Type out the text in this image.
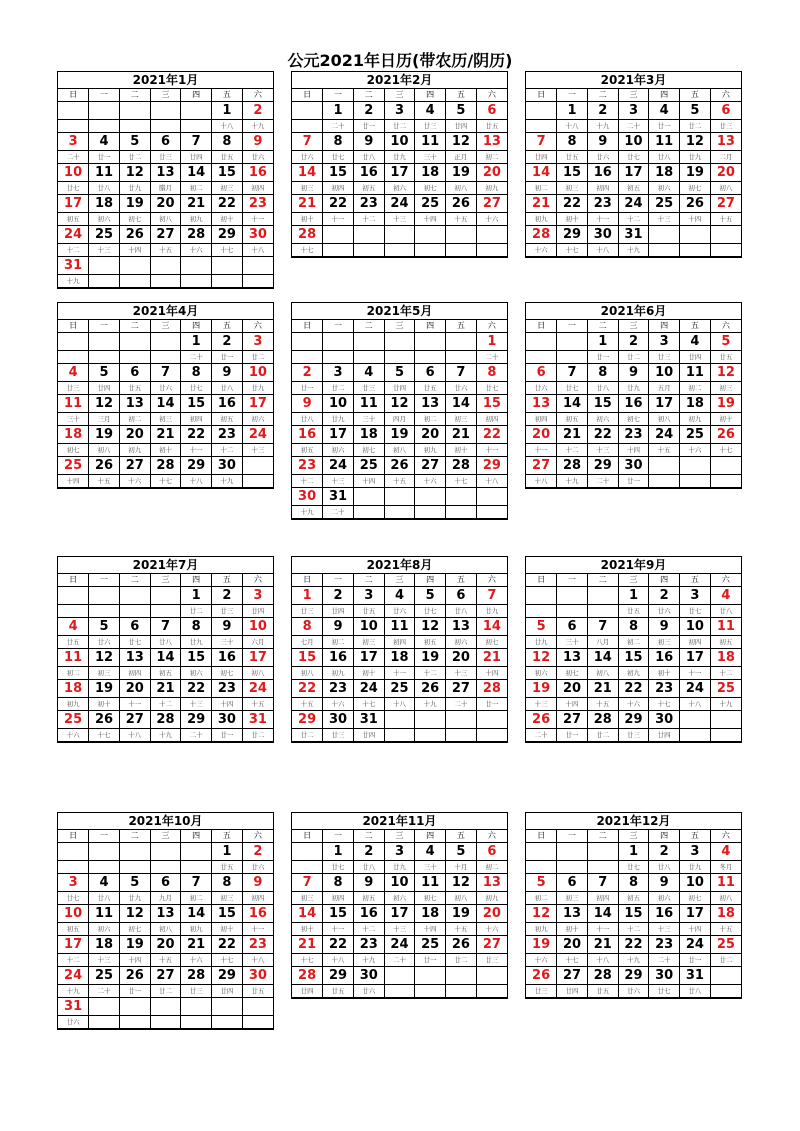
公元2021年日历(带农历/阴历)
2021年1月
日	一	二	三	四	五	六
					1	2
					十八	十九
3	4	5	6	7	8	9
二十	廿一	廿二	廿三	廿四	廿五	廿六
10	11	12	13	14	15	16
廿七	廿八	廿九	腊月	初二	初三	初四
17	18	19	20	21	22	23
初五	初六	初七	初八	初九	初十	十一
24	25	26	27	28	29	30
十二	十三	十四	十五	十六	十七	十八
31						
十九						
2021年2月
日	一	二	三	四	五	六
	1	2	3	4	5	6
	二十	廿一	廿二	廿三	廿四	廿五
7	8	9	10	11	12	13
廿六	廿七	廿八	廿九	三十	正月	初二
14	15	16	17	18	19	20
初三	初四	初五	初六	初七	初八	初九
21	22	23	24	25	26	27
初十	十一	十二	十三	十四	十五	十六
28						
十七						
2021年3月
日	一	二	三	四	五	六
	1	2	3	4	5	6
	十八	十九	二十	廿一	廿二	廿三
7	8	9	10	11	12	13
廿四	廿五	廿六	廿七	廿八	廿九	二月
14	15	16	17	18	19	20
初二	初三	初四	初五	初六	初七	初八
21	22	23	24	25	26	27
初九	初十	十一	十二	十三	十四	十五
28	29	30	31			
十六	十七	十八	十九			
2021年4月
日	一	二	三	四	五	六
				1	2	3
				二十	廿一	廿二
4	5	6	7	8	9	10
廿三	廿四	廿五	廿六	廿七	廿八	廿九
11	12	13	14	15	16	17
三十	三月	初二	初三	初四	初五	初六
18	19	20	21	22	23	24
初七	初八	初九	初十	十一	十二	十三
25	26	27	28	29	30	
十四	十五	十六	十七	十八	十九	
2021年5月
日	一	二	三	四	五	六
						1
						二十
2	3	4	5	6	7	8
廿一	廿二	廿三	廿四	廿五	廿六	廿七
9	10	11	12	13	14	15
廿八	廿九	三十	四月	初二	初三	初四
16	17	18	19	20	21	22
初五	初六	初七	初八	初九	初十	十一
23	24	25	26	27	28	29
十二	十三	十四	十五	十六	十七	十八
30	31					
十九	二十					
2021年6月
日	一	二	三	四	五	六
		1	2	3	4	5
		廿一	廿二	廿三	廿四	廿五
6	7	8	9	10	11	12
廿六	廿七	廿八	廿九	五月	初二	初三
13	14	15	16	17	18	19
初四	初五	初六	初七	初八	初九	初十
20	21	22	23	24	25	26
十一	十二	十三	十四	十五	十六	十七
27	28	29	30			
十八	十九	二十	廿一			
2021年7月
日	一	二	三	四	五	六
				1	2	3
				廿二	廿三	廿四
4	5	6	7	8	9	10
廿五	廿六	廿七	廿八	廿九	三十	六月
11	12	13	14	15	16	17
初二	初三	初四	初五	初六	初七	初八
18	19	20	21	22	23	24
初九	初十	十一	十二	十三	十四	十五
25	26	27	28	29	30	31
十六	十七	十八	十九	二十	廿一	廿二
2021年8月
日	一	二	三	四	五	六
1	2	3	4	5	6	7
廿三	廿四	廿五	廿六	廿七	廿八	廿九
8	9	10	11	12	13	14
七月	初二	初三	初四	初五	初六	初七
15	16	17	18	19	20	21
初八	初九	初十	十一	十二	十三	十四
22	23	24	25	26	27	28
十五	十六	十七	十八	十九	二十	廿一
29	30	31				
廿二	廿三	廿四				
2021年9月
日	一	二	三	四	五	六
			1	2	3	4
			廿五	廿六	廿七	廿八
5	6	7	8	9	10	11
廿九	三十	八月	初二	初三	初四	初五
12	13	14	15	16	17	18
初六	初七	初八	初九	初十	十一	十二
19	20	21	22	23	24	25
十三	十四	十五	十六	十七	十八	十九
26	27	28	29	30		
二十	廿一	廿二	廿三	廿四		
2021年10月
日	一	二	三	四	五	六
					1	2
					廿五	廿六
3	4	5	6	7	8	9
廿七	廿八	廿九	九月	初二	初三	初四
10	11	12	13	14	15	16
初五	初六	初七	初八	初九	初十	十一
17	18	19	20	21	22	23
十二	十三	十四	十五	十六	十七	十八
24	25	26	27	28	29	30
十九	二十	廿一	廿二	廿三	廿四	廿五
31						
廿六						
2021年11月
日	一	二	三	四	五	六
	1	2	3	4	5	6
	廿七	廿八	廿九	三十	十月	初二
7	8	9	10	11	12	13
初三	初四	初五	初六	初七	初八	初九
14	15	16	17	18	19	20
初十	十一	十二	十三	十四	十五	十六
21	22	23	24	25	26	27
十七	十八	十九	二十	廿一	廿二	廿三
28	29	30				
廿四	廿五	廿六				
2021年12月
日	一	二	三	四	五	六
			1	2	3	4
			廿七	廿八	廿九	冬月
5	6	7	8	9	10	11
初二	初三	初四	初五	初六	初七	初八
12	13	14	15	16	17	18
初九	初十	十一	十二	十三	十四	十五
19	20	21	22	23	24	25
十六	十七	十八	十九	二十	廿一	廿二
26	27	28	29	30	31	
廿三	廿四	廿五	廿六	廿七	廿八	
